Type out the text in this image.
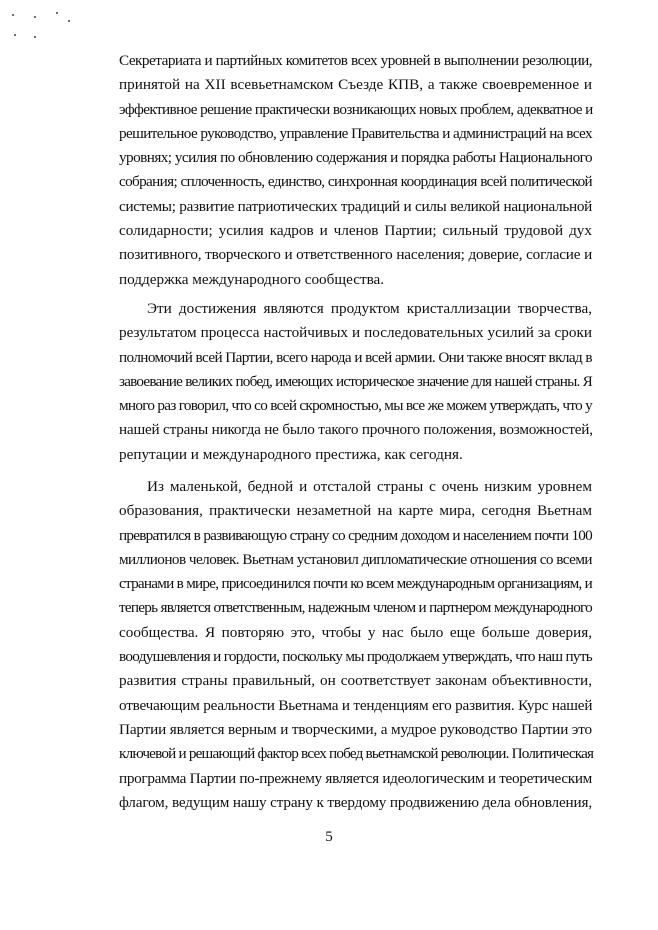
Секретариата и партийных комитетов всех уровней в выполнении резолюции,
принятой на XII всевьетнамском Съезде КПВ, а также своевременное и
эффективное решение практически возникающих новых проблем, адекватное и
решительное руководство, управление Правительства и администраций на всех
уровнях; усилия по обновлению содержания и порядка работы Национального
собрания; сплоченность, единство, синхронная координация всей политической
системы; развитие патриотических традиций и силы великой национальной
солидарности; усилия кадров и членов Партии; сильный трудовой дух
позитивного, творческого и ответственного населения; доверие, согласие и
поддержка международного сообщества.
Эти достижения являются продуктом кристаллизации творчества,
результатом процесса настойчивых и последовательных усилий за сроки
полномочий всей Партии, всего народа и всей армии. Они также вносят вклад в
завоевание великих побед, имеющих историческое значение для нашей страны. Я
много раз говорил, что со всей скромностью, мы все же можем утверждать, что у
нашей страны никогда не было такого прочного положения, возможностей,
репутации и международного престижа, как сегодня.
Из маленькой, бедной и отсталой страны с очень низким уровнем
образования, практически незаметной на карте мира, сегодня Вьетнам
превратился в развивающую страну со средним доходом и населением почти 100
миллионов человек. Вьетнам установил дипломатические отношения со всеми
странами в мире, присоединился почти ко всем международным организациям, и
теперь является ответственным, надежным членом и партнером международного
сообщества. Я повторяю это, чтобы у нас было еще больше доверия,
воодушевления и гордости, поскольку мы продолжаем утверждать, что наш путь
развития страны правильный, он соответствует законам объективности,
отвечающим реальности Вьетнама и тенденциям его развития. Курс нашей
Партии является верным и творческими, а мудрое руководство Партии это
ключевой и решающий фактор всех побед вьетнамской революции. Политическая
программа Партии по-прежнему является идеологическим и теоретическим
флагом, ведущим нашу страну к твердому продвижению дела обновления,
5
